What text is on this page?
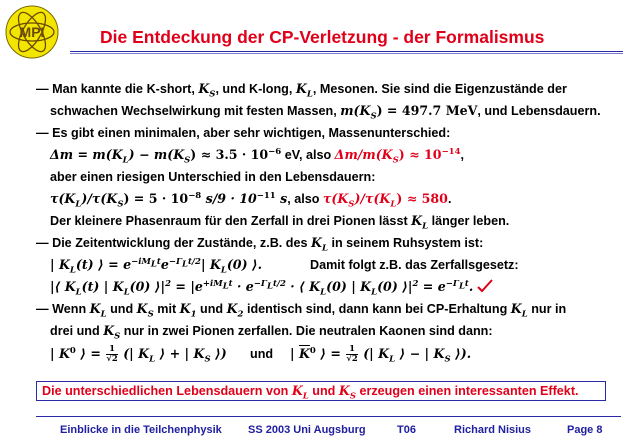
MPI	Die Entdeckung der CP-Verletzung - der Formalismus
— Man kannte die K-short, $K_S$, und K-long, $K_L$, Mesonen. Sie sind die Eigenzustände der
schwachen Wechselwirkung mit festen Massen, $m(K_S) = 497.7$ MeV, und Lebensdauern.
— Es gibt einen minimalen, aber sehr wichtigen, Massenunterschied:
$\Delta m = m(K_L) - m(K_S) \approx 3.5 \cdot 10^{-6}$ eV, also $\Delta m/m(K_S) \approx 10^{-14}$,
aber einen riesigen Unterschied in den Lebensdauern:
$\tau(K_L)/\tau(K_S) = 5 \cdot 10^{-8}$ $s/9 \cdot 10^{-11}$ s, also $\tau(K_S)/\tau(K_L) \approx 580$.
Der kleinere Phasenraum für den Zerfall in drei Pionen lässt $K_L$ länger leben.
— Die Zeitentwicklung der Zustände, z.B. des $K_L$ in seinem Ruhsystem ist:
| $K_L(t)$ ⟩ = $e^{-iM_Lt}e^{-\Gamma_Lt/2}|$ $K_L(0)$ ⟩.	Damit folgt z.B. das Zerfallsgesetz:
|⟨ $K_L(t)$ | $K_L(0)$ $⟩|^2 = |e^{+iM_Lt} \cdot e^{-\Gamma_Lt/2}$ · ⟨ $K_L(0)$ | $K_L(0)$ $⟩|^2 = e^{-\Gamma_Lt}$.
— Wenn $K_L$ und $K_S$ mit $K_1$ und $K_2$ identisch sind, dann kann bei CP-Erhaltung $K_L$ nur in
drei und $K_S$ nur in zwei Pionen zerfallen. Die neutralen Kaonen sind dann:
| $K^0$ ⟩ = $\frac{1}{√2}$ (| $K_L$ ⟩ + | $K_S$ ⟩) und | $\overline{K}^0$ ⟩ = $\frac{1}{√2}$ (| $K_L$ ⟩ − | $K_S$ ⟩).
Die unterschiedlichen Lebensdauern von $K_L$ und $K_S$ erzeugen einen interessanten Effekt.
Einblicke in die Teilchenphysik SS 2003 Uni Augsburg	T06	Richard Nisius	Page 8
